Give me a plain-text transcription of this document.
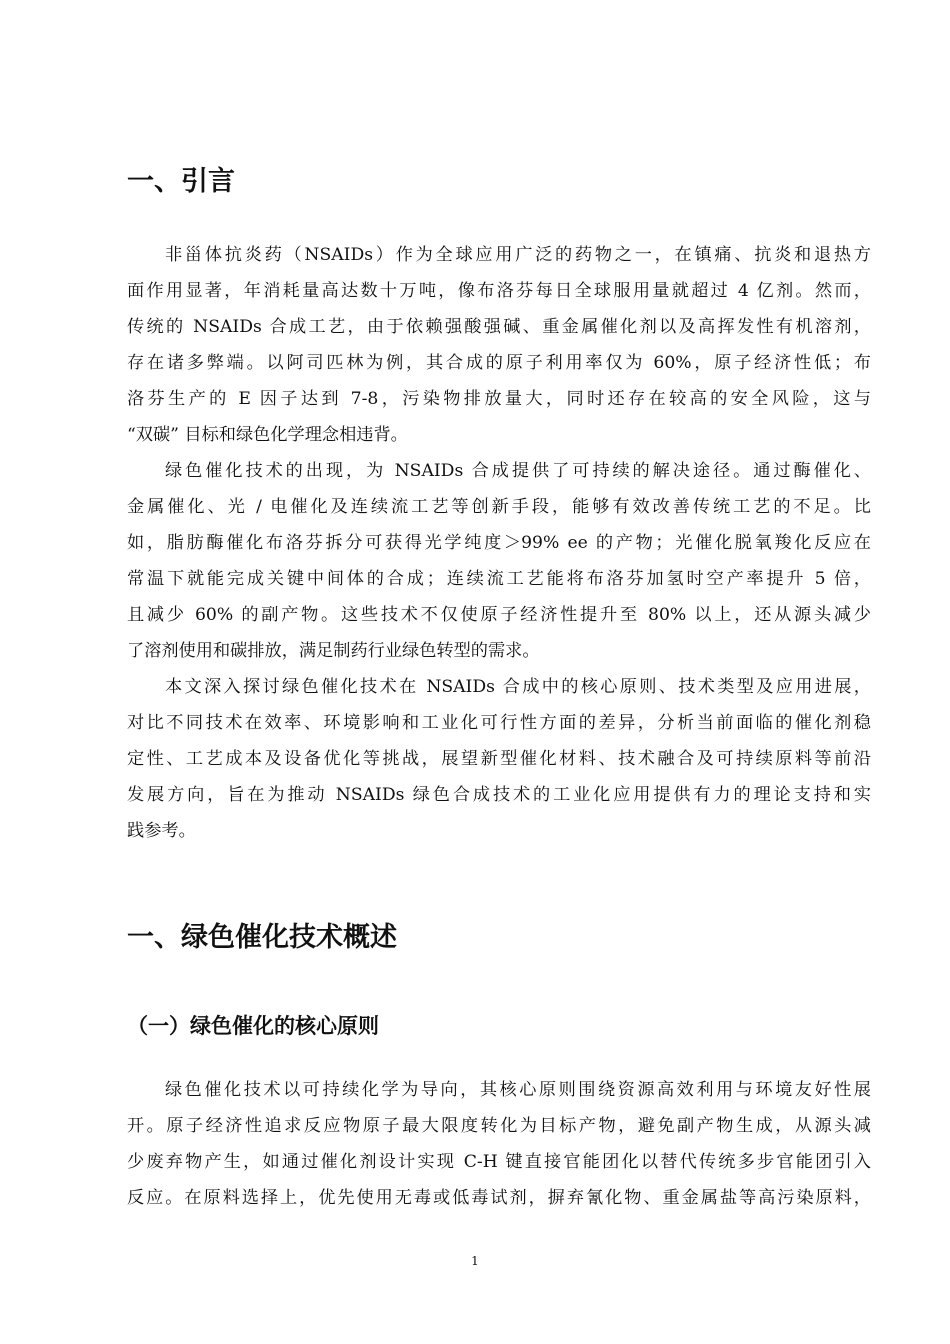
一、引言
非甾体抗炎药（NSAIDs）作为全球应用广泛的药物之一，在镇痛、抗炎和退热方
面作用显著，年消耗量高达数十万吨，像布洛芬每日全球服用量就超过 4 亿剂。然而，
传统的 NSAIDs 合成工艺，由于依赖强酸强碱、重金属催化剂以及高挥发性有机溶剂，
存在诸多弊端。以阿司匹林为例，其合成的原子利用率仅为 60%，原子经济性低；布
洛芬生产的 E 因子达到 7-8，污染物排放量大，同时还存在较高的安全风险，这与
“双碳” 目标和绿色化学理念相违背。
绿色催化技术的出现，为 NSAIDs 合成提供了可持续的解决途径。通过酶催化、
金属催化、光 / 电催化及连续流工艺等创新手段，能够有效改善传统工艺的不足。比
如，脂肪酶催化布洛芬拆分可获得光学纯度＞99% ee 的产物；光催化脱氧羧化反应在
常温下就能完成关键中间体的合成；连续流工艺能将布洛芬加氢时空产率提升 5 倍，
且减少 60% 的副产物。这些技术不仅使原子经济性提升至 80% 以上，还从源头减少
了溶剂使用和碳排放，满足制药行业绿色转型的需求。
本文深入探讨绿色催化技术在 NSAIDs 合成中的核心原则、技术类型及应用进展，
对比不同技术在效率、环境影响和工业化可行性方面的差异，分析当前面临的催化剂稳
定性、工艺成本及设备优化等挑战，展望新型催化材料、技术融合及可持续原料等前沿
发展方向，旨在为推动 NSAIDs 绿色合成技术的工业化应用提供有力的理论支持和实
践参考。
一、绿色催化技术概述
（一）绿色催化的核心原则
绿色催化技术以可持续化学为导向，其核心原则围绕资源高效利用与环境友好性展
开。原子经济性追求反应物原子最大限度转化为目标产物，避免副产物生成，从源头减
少废弃物产生，如通过催化剂设计实现 C-H 键直接官能团化以替代传统多步官能团引入
反应。在原料选择上，优先使用无毒或低毒试剂，摒弃氰化物、重金属盐等高污染原料，
1
